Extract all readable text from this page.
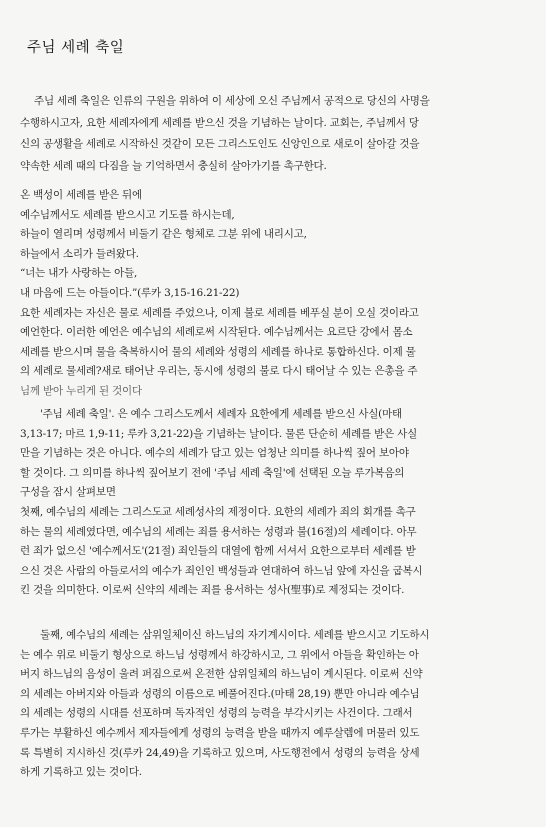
주님 세례 축일
주님 세례 축일은 인류의 구원을 위하여 이 세상에 오신 주님께서 공적으로 당신의 사명을
수행하시고자, 요한 세례자에게 세례를 받으신 것을 기념하는 날이다. 교회는, 주님께서 당
신의 공생활을 세례로 시작하신 것같이 모든 그리스도인도 신앙인으로 새로이 살아갈 것을
약속한 세례 때의 다짐을 늘 기억하면서 충실히 살아가기를 촉구한다.
온 백성이 세례를 받은 뒤에
예수님께서도 세례를 받으시고 기도를 하시는데,
하늘이 열리며 성령께서 비둘기 같은 형체로 그분 위에 내리시고,
하늘에서 소리가 들려왔다.
“너는 내가 사랑하는 아들,
내 마음에 드는 아들이다.”(루카 3,15-16.21-22)
요한 세례자는 자신은 물로 세례를 주었으나, 이제 불로 세례를 베푸실 분이 오실 것이라고
예언한다. 이러한 예언은 예수님의 세례로써 시작된다. 예수님께서는 요르단 강에서 몸소
세례를 받으시며 물을 축복하시어 물의 세례와 성령의 세례를 하나로 통합하신다. 이제 물
의 세례로 물세례?새로 태어난 우리는, 동시에 성령의 불로 다시 태어날 수 있는 은총을 주
님께 받아 누리게 된 것이다
'주님 세례 축일'. 은 예수 그리스도께서 세례자 요한에게 세례를 받으신 사실(마태
3,13-17; 마르 1,9-11; 루카 3,21-22)을 기념하는 날이다. 물론 단순히 세례를 받은 사실
만을 기념하는 것은 아니다. 예수의 세례가 담고 있는 엄청난 의미를 하나씩 짚어 보아야
할 것이다. 그 의미를 하나씩 짚어보기 전에 '주님 세례 축일'에 선택된 오늘 루가복음의
구성을 잠시 살펴보면
첫째, 예수님의 세례는 그리스도교 세례성사의 제정이다. 요한의 세례가 죄의 회개를 촉구
하는 물의 세례였다면, 예수님의 세례는 죄를 용서하는 성령과 불(16절)의 세례이다. 아무
런 죄가 없으신 '예수께서도'(21절) 죄인들의 대열에 함께 서셔서 요한으로부터 세례를 받
으신 것은 사람의 아들로서의 예수가 죄인인 백성들과 연대하여 하느님 앞에 자신을 굽복시
킨 것을 의미한다. 이로써 신약의 세례는 죄를 용서하는 성사(聖事)로 제정되는 것이다.
둘째, 예수님의 세례는 삼위일체이신 하느님의 자기계시이다. 세례를 받으시고 기도하시
는 예수 위로 비둘기 형상으로 하느님 성령께서 하강하시고, 그 위에서 아들을 확인하는 아
버지 하느님의 음성이 울려 퍼짐으로써 온전한 삼위일체의 하느님이 계시된다. 이로써 신약
의 세례는 아버지와 아들과 성령의 이름으로 베풀어진다.(마태 28,19) 뿐만 아니라 예수님
의 세례는 성령의 시대를 선포하며 독자적인 성령의 능력을 부각시키는 사건이다. 그래서
루가는 부활하신 예수께서 제자들에게 성령의 능력을 받을 때까지 예루살렘에 머물러 있도
록 특별히 지시하신 것(루카 24,49)을 기록하고 있으며, 사도행전에서 성령의 능력을 상세
하게 기록하고 있는 것이다.
